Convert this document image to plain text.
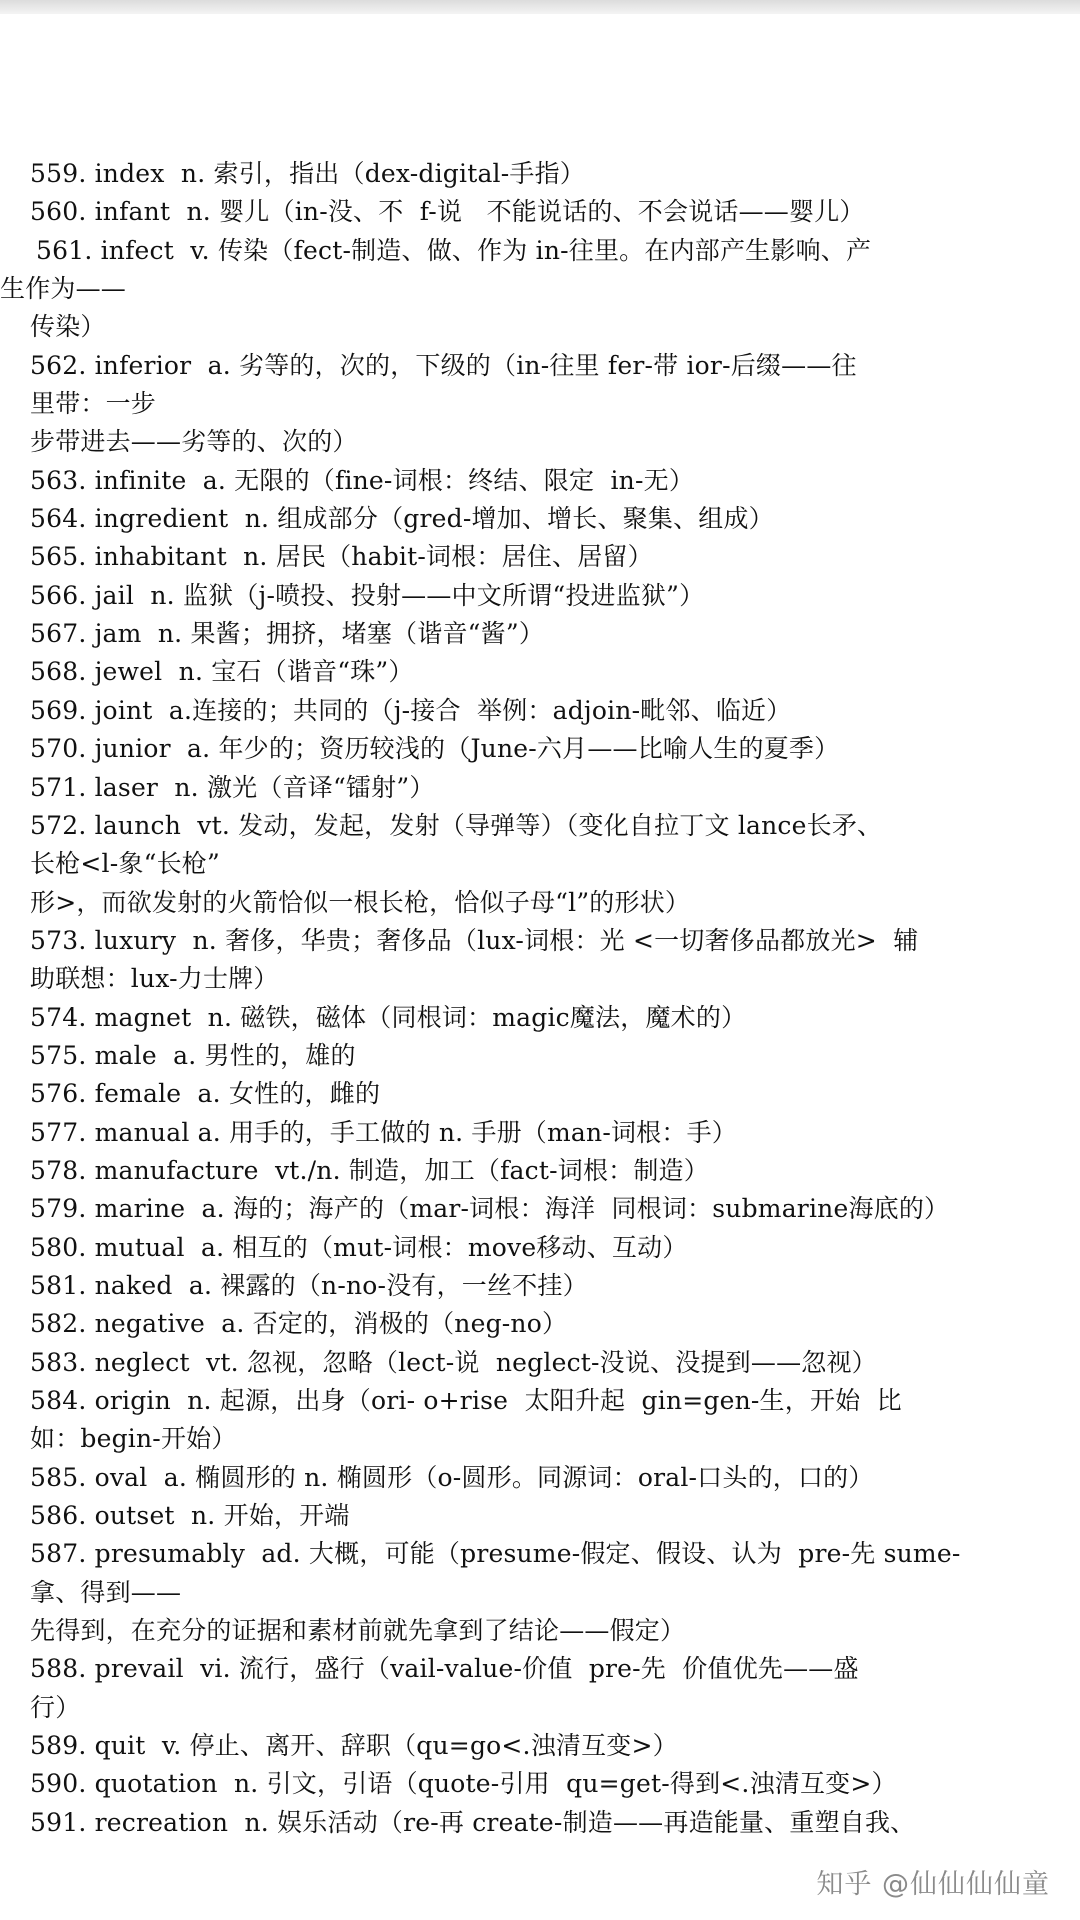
559. index  n. 索引，指出（dex-digital-手指）
560. infant  n. 婴儿（in-没、不  f-说   不能说话的、不会说话——婴儿）
561. infect  v. 传染（fect-制造、做、作为 in-往里。在内部产生影响、产
生作为——
传染）
562. inferior  a. 劣等的，次的，下级的（in-往里 fer-带 ior-后缀——往
里带：一步
步带进去——劣等的、次的）
563. infinite  a. 无限的（fine-词根：终结、限定  in-无）
564. ingredient  n. 组成部分（gred-增加、增长、聚集、组成）
565. inhabitant  n. 居民（habit-词根：居住、居留）
566. jail  n. 监狱（j-喷投、投射——中文所谓“投进监狱”）
567. jam  n. 果酱；拥挤，堵塞（谐音“酱”）
568. jewel  n. 宝石（谐音“珠”）
569. joint  a.连接的；共同的（j-接合  举例：adjoin-毗邻、临近）
570. junior  a. 年少的；资历较浅的（June-六月——比喻人生的夏季）
571. laser  n. 激光（音译“镭射”）
572. launch  vt. 发动，发起，发射（导弹等）（变化自拉丁文 lance长矛、
长枪<l-象“长枪”
形>，而欲发射的火箭恰似一根长枪，恰似子母“l”的形状）
573. luxury  n. 奢侈，华贵；奢侈品（lux-词根：光 <一切奢侈品都放光>  辅
助联想：lux-力士牌）
574. magnet  n. 磁铁，磁体（同根词：magic魔法，魔术的）
575. male  a. 男性的，雄的
576. female  a. 女性的，雌的
577. manual a. 用手的，手工做的 n. 手册（man-词根：手）
578. manufacture  vt./n. 制造，加工（fact-词根：制造）
579. marine  a. 海的；海产的（mar-词根：海洋  同根词：submarine海底的）
580. mutual  a. 相互的（mut-词根：move移动、互动）
581. naked  a. 裸露的（n-no-没有，一丝不挂）
582. negative  a. 否定的，消极的（neg-no）
583. neglect  vt. 忽视，忽略（lect-说  neglect-没说、没提到——忽视）
584. origin  n. 起源，出身（ori- o+rise  太阳升起  gin=gen-生，开始  比
如：begin-开始）
585. oval  a. 椭圆形的 n. 椭圆形（o-圆形。同源词：oral-口头的，口的）
586. outset  n. 开始，开端
587. presumably  ad. 大概，可能（presume-假定、假设、认为  pre-先 sume-
拿、得到——
先得到，在充分的证据和素材前就先拿到了结论——假定）
588. prevail  vi. 流行，盛行（vail-value-价值  pre-先  价值优先——盛
行）
589. quit  v. 停止、离开、辞职（qu=go<.浊清互变>）
590. quotation  n. 引文，引语（quote-引用  qu=get-得到<.浊清互变>）
591. recreation  n. 娱乐活动（re-再 create-制造——再造能量、重塑自我、
知乎 @仙仙仙仙童
